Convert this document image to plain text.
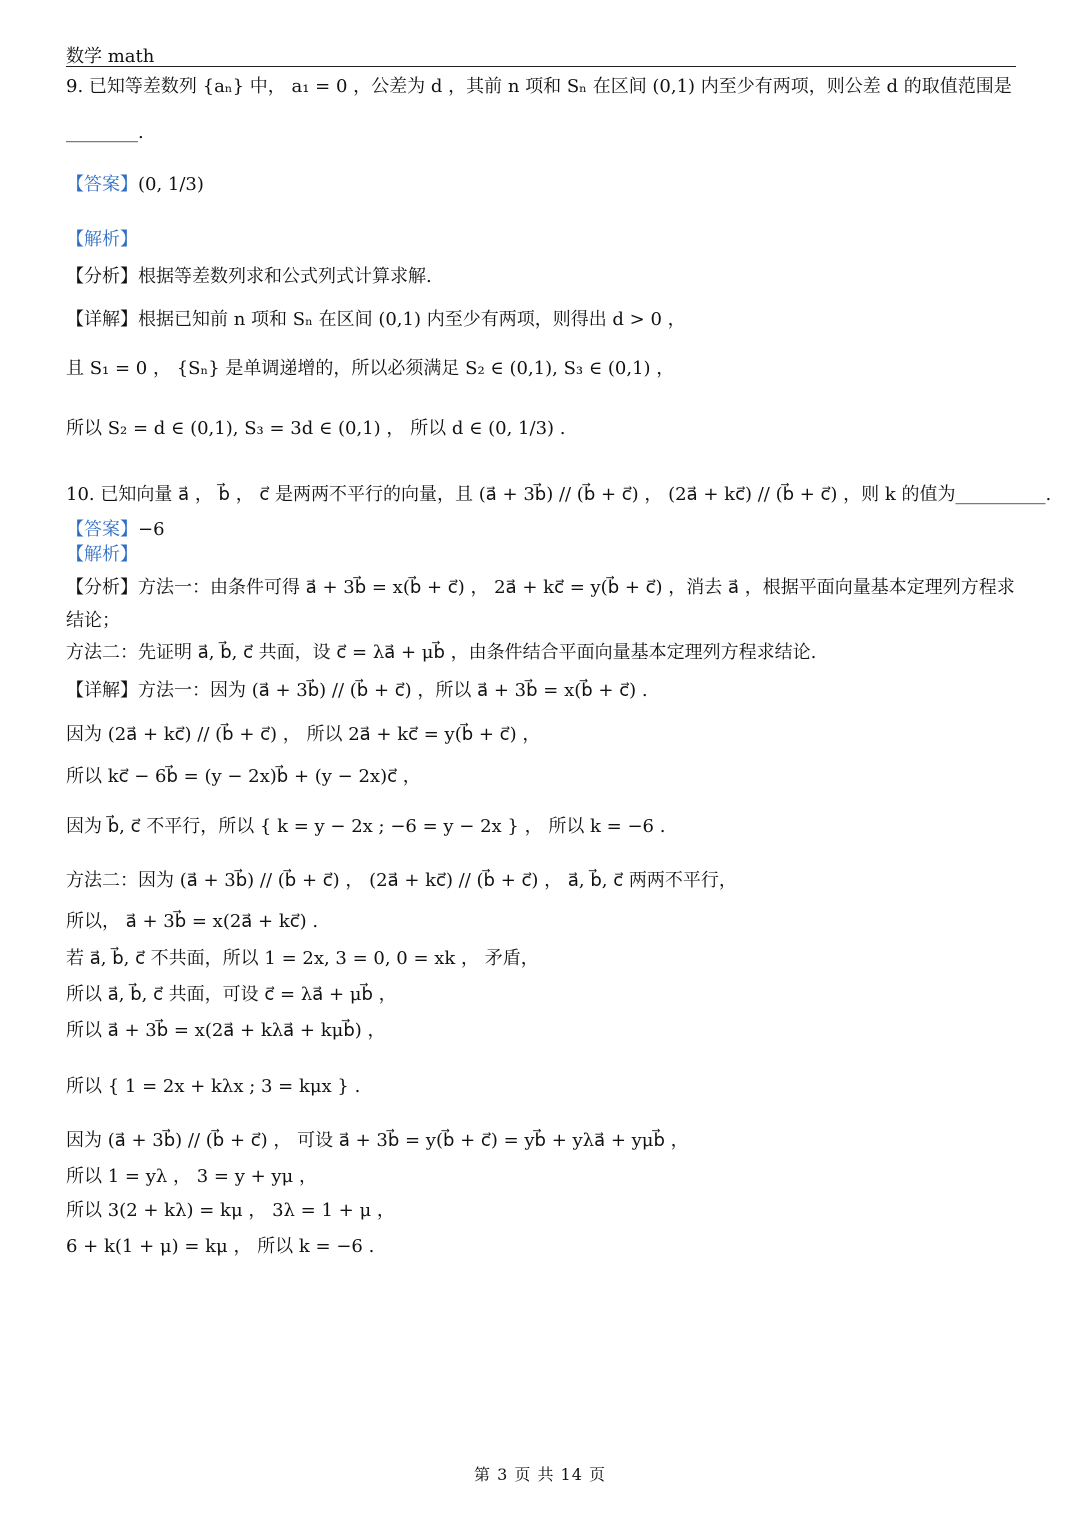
数学 math
9. 已知等差数列 {aₙ} 中， a₁ = 0 ，公差为 d ，其前 n 项和 Sₙ 在区间 (0,1) 内至少有两项，则公差 d 的取值范围是
________.
【答案】(0, 1/3)
【解析】
【分析】根据等差数列求和公式列式计算求解.
【详解】根据已知前 n 项和 Sₙ 在区间 (0,1) 内至少有两项，则得出 d > 0 ，
且 S₁ = 0 ， {Sₙ} 是单调递增的，所以必须满足 S₂ ∈ (0,1), S₃ ∈ (0,1) ，
所以 S₂ = d ∈ (0,1), S₃ = 3d ∈ (0,1) ， 所以 d ∈ (0, 1/3) .
10. 已知向量 a⃗ ， b⃗ ， c⃗ 是两两不平行的向量，且 (a⃗ + 3b⃗) // (b⃗ + c⃗) ， (2a⃗ + kc⃗) // (b⃗ + c⃗) ，则 k 的值为__________.
【答案】−6
【解析】
【分析】方法一：由条件可得 a⃗ + 3b⃗ = x(b⃗ + c⃗) ， 2a⃗ + kc⃗ = y(b⃗ + c⃗) ，消去 a⃗ ，根据平面向量基本定理列方程求
结论；
方法二：先证明 a⃗, b⃗, c⃗ 共面，设 c⃗ = λa⃗ + μb⃗ ，由条件结合平面向量基本定理列方程求结论.
【详解】方法一：因为 (a⃗ + 3b⃗) // (b⃗ + c⃗) ，所以 a⃗ + 3b⃗ = x(b⃗ + c⃗) .
因为 (2a⃗ + kc⃗) // (b⃗ + c⃗) ， 所以 2a⃗ + kc⃗ = y(b⃗ + c⃗) ，
所以 kc⃗ − 6b⃗ = (y − 2x)b⃗ + (y − 2x)c⃗ ，
因为 b⃗, c⃗ 不平行，所以 { k = y − 2x ; −6 = y − 2x } ， 所以 k = −6 .
方法二：因为 (a⃗ + 3b⃗) // (b⃗ + c⃗) ， (2a⃗ + kc⃗) // (b⃗ + c⃗) ， a⃗, b⃗, c⃗ 两两不平行，
所以， a⃗ + 3b⃗ = x(2a⃗ + kc⃗) .
若 a⃗, b⃗, c⃗ 不共面，所以 1 = 2x, 3 = 0, 0 = xk ， 矛盾，
所以 a⃗, b⃗, c⃗ 共面，可设 c⃗ = λa⃗ + μb⃗ ，
所以 a⃗ + 3b⃗ = x(2a⃗ + kλa⃗ + kμb⃗) ，
所以 { 1 = 2x + kλx ; 3 = kμx } .
因为 (a⃗ + 3b⃗) // (b⃗ + c⃗) ， 可设 a⃗ + 3b⃗ = y(b⃗ + c⃗) = yb⃗ + yλa⃗ + yμb⃗ ，
所以 1 = yλ ， 3 = y + yμ ，
所以 3(2 + kλ) = kμ ， 3λ = 1 + μ ，
6 + k(1 + μ) = kμ ， 所以 k = −6 .
第 3 页 共 14 页
